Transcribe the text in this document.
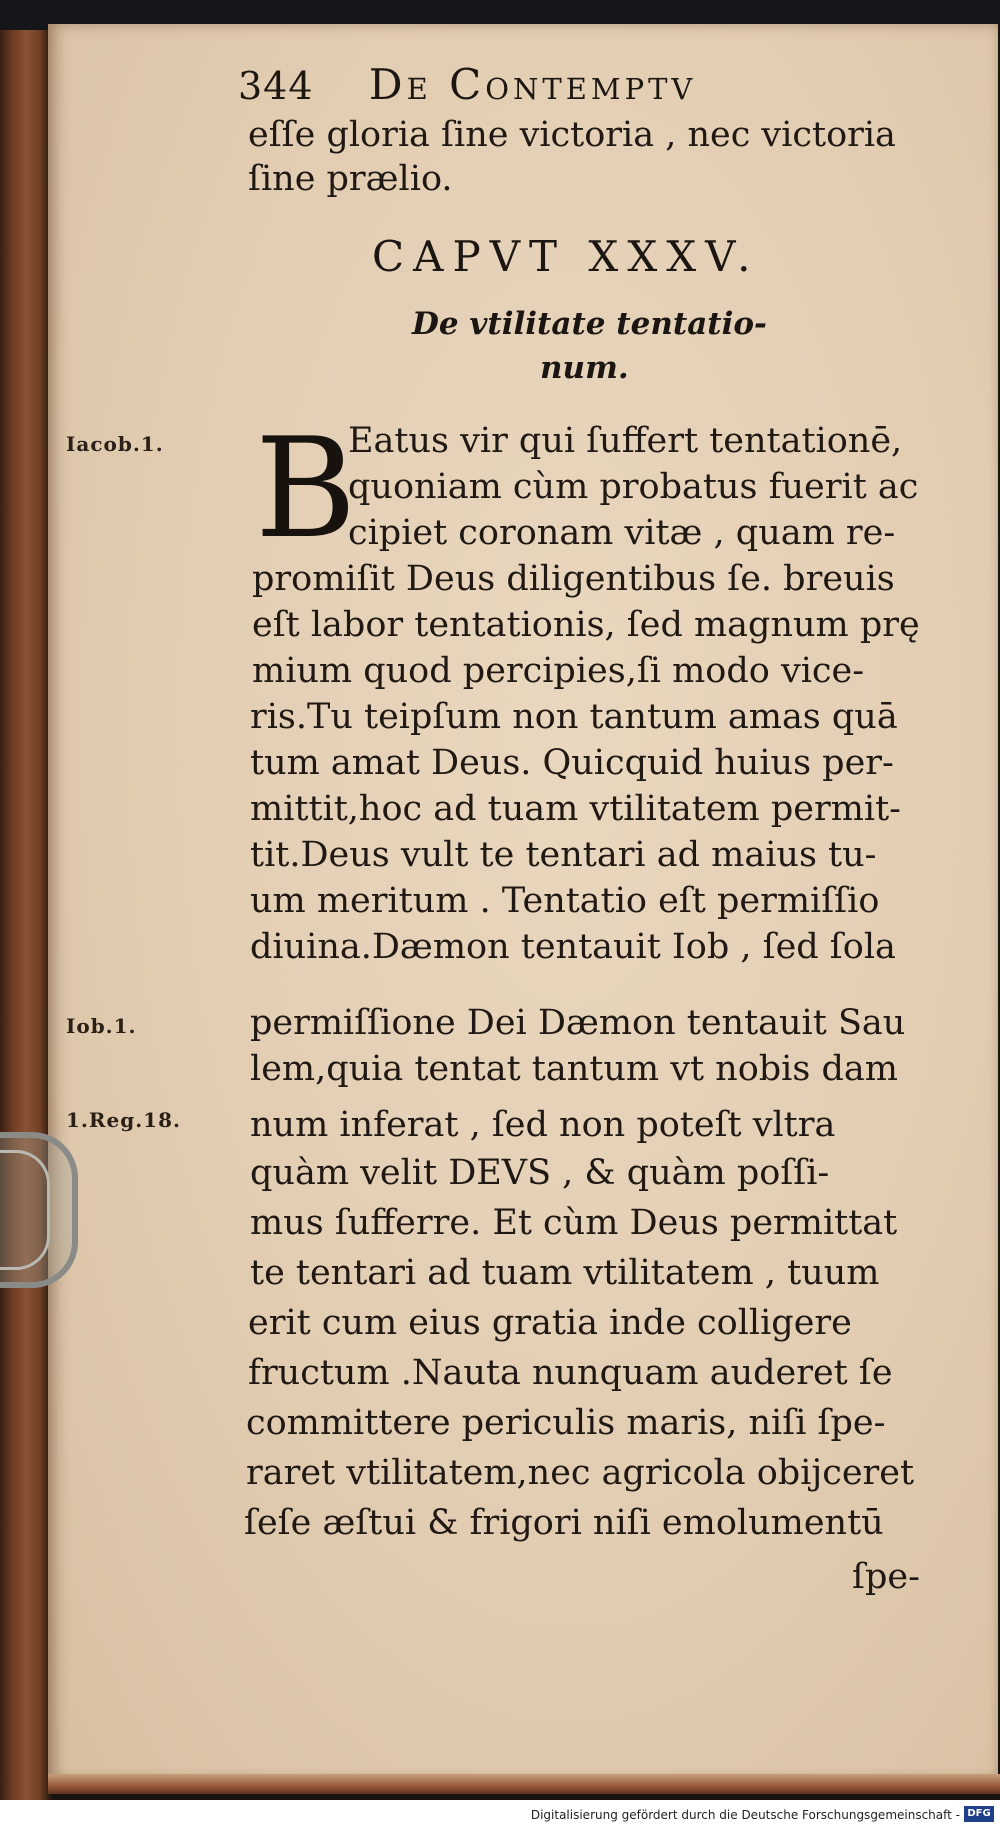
344 De Contemptv
eſſe gloria ſine victoria , nec victoria
ſine prælio.
CAPVT XXXV.
De vtilitate tentatio-
num.
Iacob.1.
Iob.1.
1.Reg.18.
B
Eatus vir qui ſuffert tentationē,
quoniam cùm probatus fuerit ac
cipiet coronam vitæ , quam re-
promiſit Deus diligentibus ſe. breuis
eſt labor tentationis, ſed magnum prę
mium quod percipies,ſi modo vice-
ris.Tu teipſum non tantum amas quā
tum amat Deus. Quicquid huius per-
mittit,hoc ad tuam vtilitatem permit-
tit.Deus vult te tentari ad maius tu-
um meritum . Tentatio eſt permiſſio
diuina.Dæmon tentauit Iob , ſed ſola
permiſſione Dei Dæmon tentauit Sau
lem,quia tentat tantum vt nobis dam
num inferat , ſed non poteſt vltra
quàm velit DEVS , & quàm poſſi-
mus ſufferre. Et cùm Deus permittat
te tentari ad tuam vtilitatem , tuum
erit cum eius gratia inde colligere
fructum .Nauta nunquam auderet ſe
committere periculis maris, niſi ſpe-
raret vtilitatem,nec agricola obijceret
ſeſe æſtui & frigori niſi emolumentū
ſpe-
Digitalisierung gefördert durch die Deutsche Forschungsgemeinschaft - DFG
